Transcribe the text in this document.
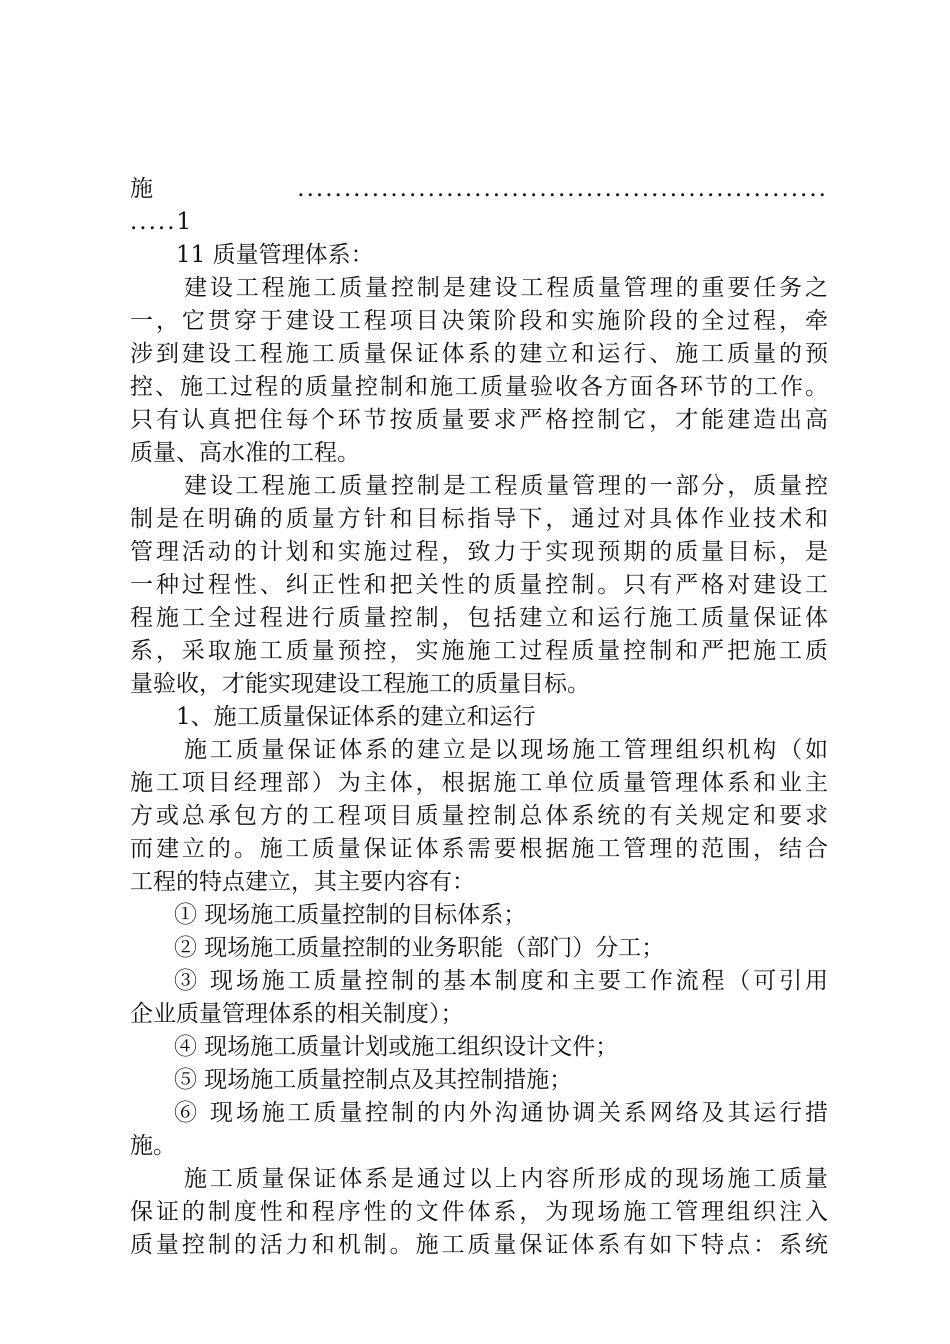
施.........................................................
.....1
11 质量管理体系：
建设工程施工质量控制是建设工程质量管理的重要任务之
一，它贯穿于建设工程项目决策阶段和实施阶段的全过程，牵
涉到建设工程施工质量保证体系的建立和运行、施工质量的预
控、施工过程的质量控制和施工质量验收各方面各环节的工作。
只有认真把住每个环节按质量要求严格控制它，才能建造出高
质量、高水准的工程。
建设工程施工质量控制是工程质量管理的一部分，质量控
制是在明确的质量方针和目标指导下，通过对具体作业技术和
管理活动的计划和实施过程，致力于实现预期的质量目标，是
一种过程性、纠正性和把关性的质量控制。只有严格对建设工
程施工全过程进行质量控制，包括建立和运行施工质量保证体
系，采取施工质量预控，实施施工过程质量控制和严把施工质
量验收，才能实现建设工程施工的质量目标。
1、施工质量保证体系的建立和运行
施工质量保证体系的建立是以现场施工管理组织机构（如
施工项目经理部）为主体，根据施工单位质量管理体系和业主
方或总承包方的工程项目质量控制总体系统的有关规定和要求
而建立的。施工质量保证体系需要根据施工管理的范围，结合
工程的特点建立，其主要内容有：
① 现场施工质量控制的目标体系；
② 现场施工质量控制的业务职能（部门）分工；
③ 现场施工质量控制的基本制度和主要工作流程（可引用
企业质量管理体系的相关制度）；
④ 现场施工质量计划或施工组织设计文件；
⑤ 现场施工质量控制点及其控制措施；
⑥ 现场施工质量控制的内外沟通协调关系网络及其运行措
施。
施工质量保证体系是通过以上内容所形成的现场施工质量
保证的制度性和程序性的文件体系，为现场施工管理组织注入
质量控制的活力和机制。施工质量保证体系有如下特点：系统
